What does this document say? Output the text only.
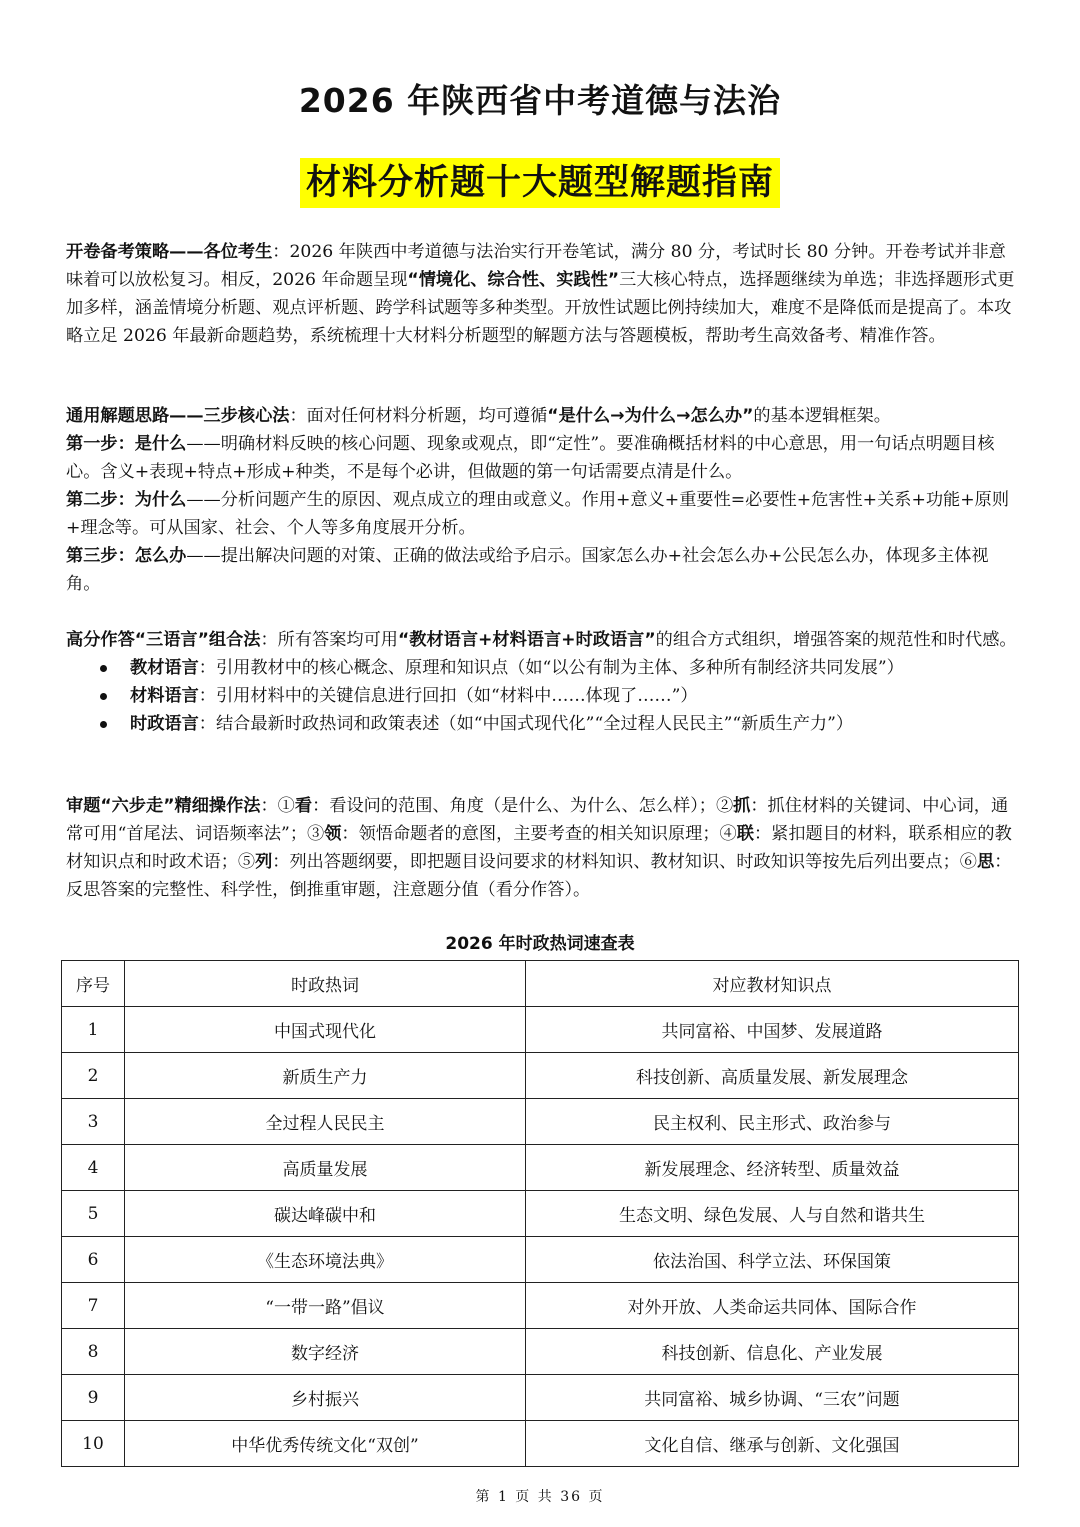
2026 年陕西省中考道德与法治
材料分析题十大题型解题指南

开卷备考策略——各位考生：2026 年陕西中考道德与法治实行开卷笔试，满分 80 分，考试时长 80 分钟。开卷考试并非意味着可以放松复习。相反，2026 年命题呈现“情境化、综合性、实践性”三大核心特点，选择题继续为单选；非选择题形式更加多样，涵盖情境分析题、观点评析题、跨学科试题等多种类型。开放性试题比例持续加大，难度不是降低而是提高了。本攻略立足 2026 年最新命题趋势，系统梳理十大材料分析题型的解题方法与答题模板，帮助考生高效备考、精准作答。

通用解题思路——三步核心法：面对任何材料分析题，均可遵循“是什么→为什么→怎么办”的基本逻辑框架。

第一步：是什么——明确材料反映的核心问题、现象或观点，即“定性”。要准确概括材料的中心意思，用一句话点明题目核心。含义+表现+特点+形成+种类，不是每个必讲，但做题的第一句话需要点清是什么。

第二步：为什么——分析问题产生的原因、观点成立的理由或意义。作用+意义+重要性=必要性+危害性+关系+功能+原则+理念等。可从国家、社会、个人等多角度展开分析。

第三步：怎么办——提出解决问题的对策、正确的做法或给予启示。国家怎么办+社会怎么办+公民怎么办，体现多主体视角。

高分作答“三语言”组合法：所有答案均可用“教材语言+材料语言+时政语言”的组合方式组织，增强答案的规范性和时代感。

教材语言：引用教材中的核心概念、原理和知识点（如“以公有制为主体、多种所有制经济共同发展”）
材料语言：引用材料中的关键信息进行回扣（如“材料中……体现了……”）
时政语言：结合最新时政热词和政策表述（如“中国式现代化”“全过程人民民主”“新质生产力”）

审题“六步走”精细操作法：①看：看设问的范围、角度（是什么、为什么、怎么样）；②抓：抓住材料的关键词、中心词，通常可用“首尾法、词语频率法”；③领：领悟命题者的意图，主要考查的相关知识原理；④联：紧扣题目的材料，联系相应的教材知识点和时政术语；⑤列：列出答题纲要，即把题目设问要求的材料知识、教材知识、时政知识等按先后列出要点；⑥思：反思答案的完整性、科学性，倒推重审题，注意题分值（看分作答）。

2026 年时政热词速查表
序号	时政热词	对应教材知识点
1	中国式现代化	共同富裕、中国梦、发展道路
2	新质生产力	科技创新、高质量发展、新发展理念
3	全过程人民民主	民主权利、民主形式、政治参与
4	高质量发展	新发展理念、经济转型、质量效益
5	碳达峰碳中和	生态文明、绿色发展、人与自然和谐共生
6	《生态环境法典》	依法治国、科学立法、环保国策
7	“一带一路”倡议	对外开放、人类命运共同体、国际合作
8	数字经济	科技创新、信息化、产业发展
9	乡村振兴	共同富裕、城乡协调、“三农”问题
10	中华优秀传统文化“双创”	文化自信、继承与创新、文化强国
第 1 页 共 36 页
